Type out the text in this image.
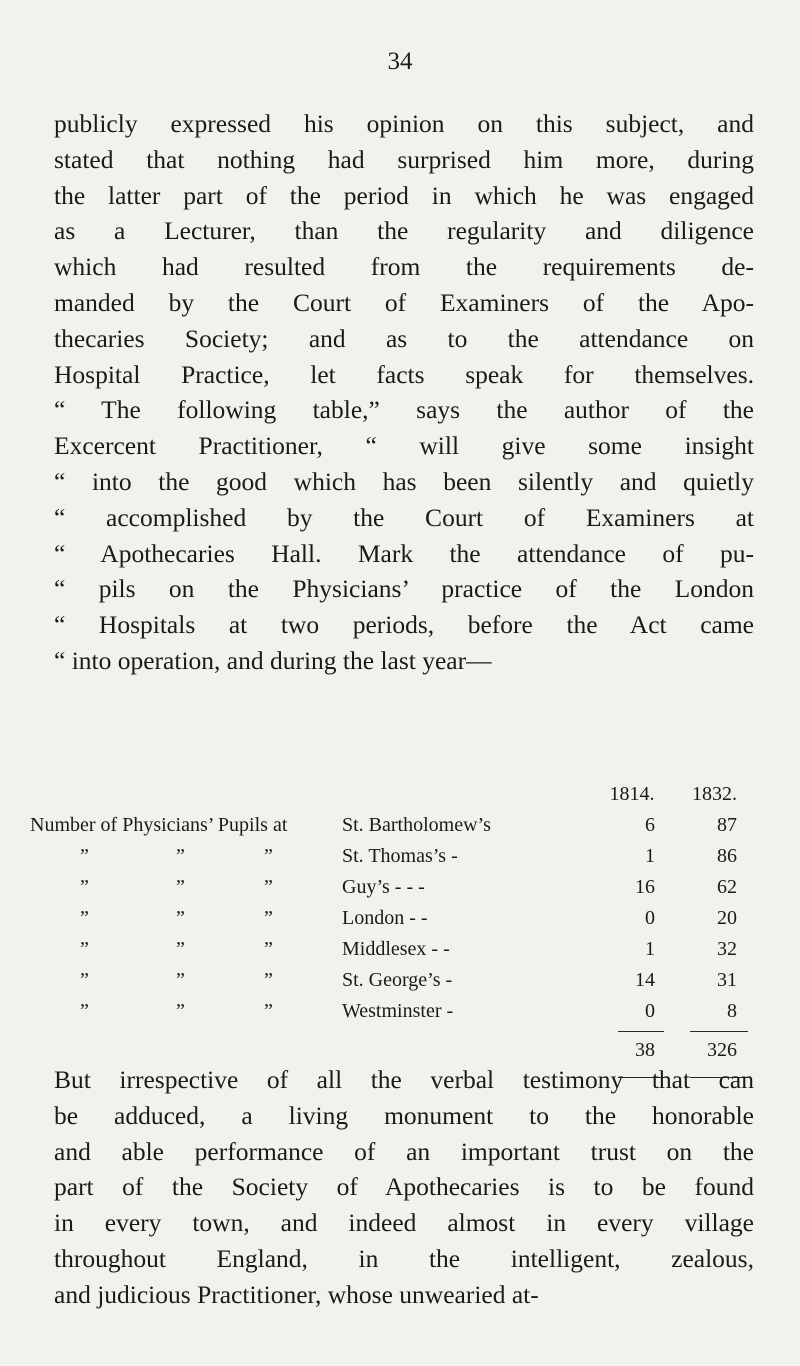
34
publicly expressed his opinion on this subject, and
stated that nothing had surprised him more, during
the latter part of the period in which he was engaged
as a Lecturer, than the regularity and diligence
which had resulted from the requirements de-
manded by the Court of Examiners of the Apo-
thecaries Society; and as to the attendance on
Hospital Practice, let facts speak for themselves.
“ The following table,” says the author of the
Excercent Practitioner, “ will give some insight
“ into the good which has been silently and quietly
“ accomplished by the Court of Examiners at
“ Apothecaries Hall. Mark the attendance of pu-
“ pils on the Physicians’ practice of the London
“ Hospitals at two periods, before the Act came
“ into operation, and during the last year—
1814.	1832.
Number of Physicians’ Pupils at	St. Bartholomew’s	6	87
”	”	”	St. Thomas’s -	1	86
”	”	”	Guy’s - - -	16	62
”	”	”	London - -	0	20
”	”	”	Middlesex - -	1	32
”	”	”	St. George’s -	14	31
”	”	”	Westminster -	0	8
38	326
But irrespective of all the verbal testimony that can
be adduced, a living monument to the honorable
and able performance of an important trust on the
part of the Society of Apothecaries is to be found
in every town, and indeed almost in every village
throughout England, in the intelligent, zealous,
and judicious Practitioner, whose unwearied at-
